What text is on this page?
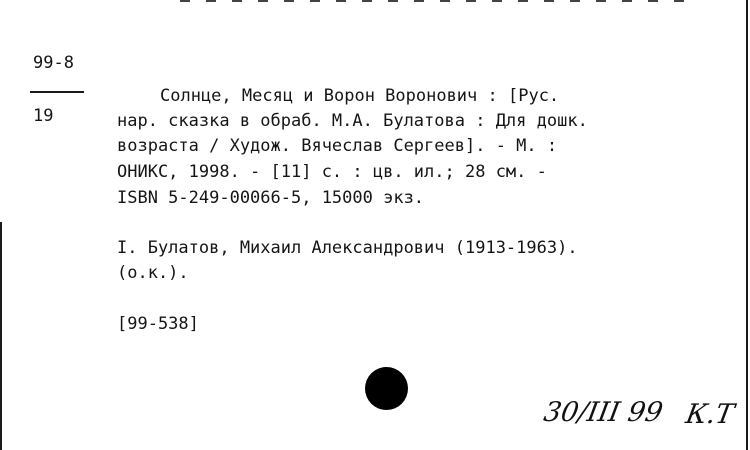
99-8
19
Солнце, Месяц и Ворон Воронович : [Рус.
нар. сказка в обраб. М.А. Булатова : Для дошк.
возраста / Худож. Вячеслав Сергеев]. - М. :
ОНИКС, 1998. - [11] с. : цв. ил.; 28 см. -
ISBN 5-249-00066-5, 15000 экз.
I. Булатов, Михаил Александрович (1913-1963).
(о.к.).
[99-538]
30/III 99 К.Т
